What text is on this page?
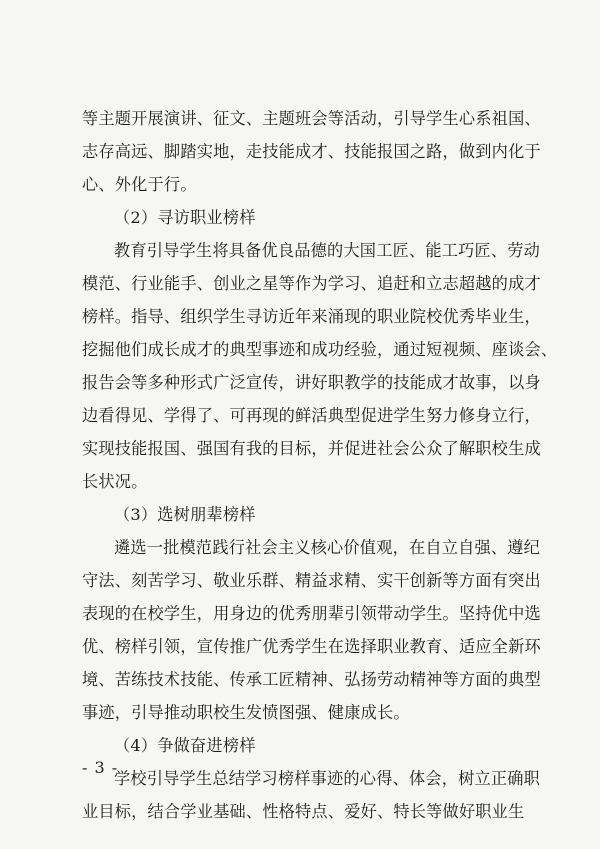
等主题开展演讲、征文、主题班会等活动，引导学生心系祖国、
志存高远、脚踏实地，走技能成才、技能报国之路，做到内化于
心、外化于行。
（2）寻访职业榜样
教育引导学生将具备优良品德的大国工匠、能工巧匠、劳动
模范、行业能手、创业之星等作为学习、追赶和立志超越的成才
榜样。指导、组织学生寻访近年来涌现的职业院校优秀毕业生，
挖掘他们成长成才的典型事迹和成功经验，通过短视频、座谈会、
报告会等多种形式广泛宣传，讲好职教学的技能成才故事，以身
边看得见、学得了、可再现的鲜活典型促进学生努力修身立行，
实现技能报国、强国有我的目标，并促进社会公众了解职校生成
长状况。
（3）选树朋辈榜样
遴选一批模范践行社会主义核心价值观，在自立自强、遵纪
守法、刻苦学习、敬业乐群、精益求精、实干创新等方面有突出
表现的在校学生，用身边的优秀朋辈引领带动学生。坚持优中选
优、榜样引领，宣传推广优秀学生在选择职业教育、适应全新环
境、苦练技术技能、传承工匠精神、弘扬劳动精神等方面的典型
事迹，引导推动职校生发愤图强、健康成长。
（4）争做奋进榜样
学校引导学生总结学习榜样事迹的心得、体会，树立正确职
业目标，结合学业基础、性格特点、爱好、特长等做好职业生
- 3 -
